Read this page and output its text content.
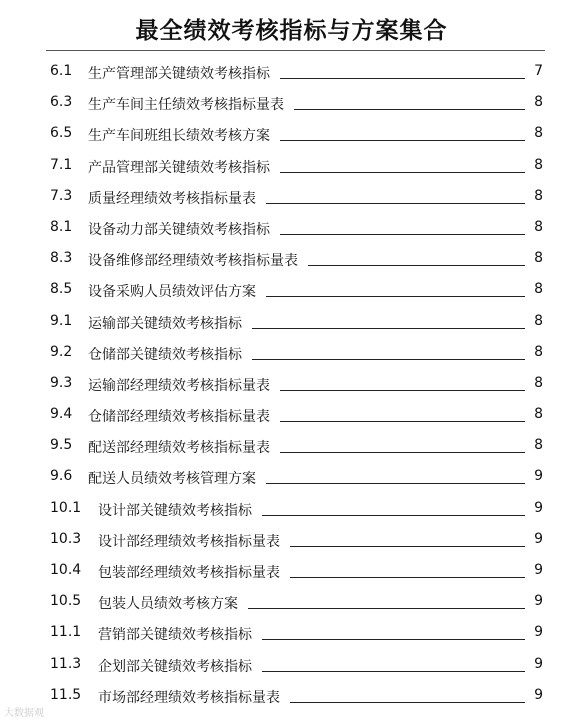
最全绩效考核指标与方案集合
6.1 生产管理部关键绩效考核指标	7
6.3 生产车间主任绩效考核指标量表	8
6.5 生产车间班组长绩效考核方案	8
7.1 产品管理部关键绩效考核指标	8
7.3 质量经理绩效考核指标量表	8
8.1 设备动力部关键绩效考核指标	8
8.3 设备维修部经理绩效考核指标量表	8
8.5 设备采购人员绩效评估方案	8
9.1 运输部关键绩效考核指标	8
9.2 仓储部关键绩效考核指标	8
9.3 运输部经理绩效考核指标量表	8
9.4 仓储部经理绩效考核指标量表	8
9.5 配送部经理绩效考核指标量表	8
9.6 配送人员绩效考核管理方案	9
10.1 设计部关键绩效考核指标	9
10.3 设计部经理绩效考核指标量表	9
10.4 包装部经理绩效考核指标量表	9
10.5 包装人员绩效考核方案	9
11.1 营销部关键绩效考核指标	9
11.3 企划部关键绩效考核指标	9
11.5 市场部经理绩效考核指标量表	9
大数据观
